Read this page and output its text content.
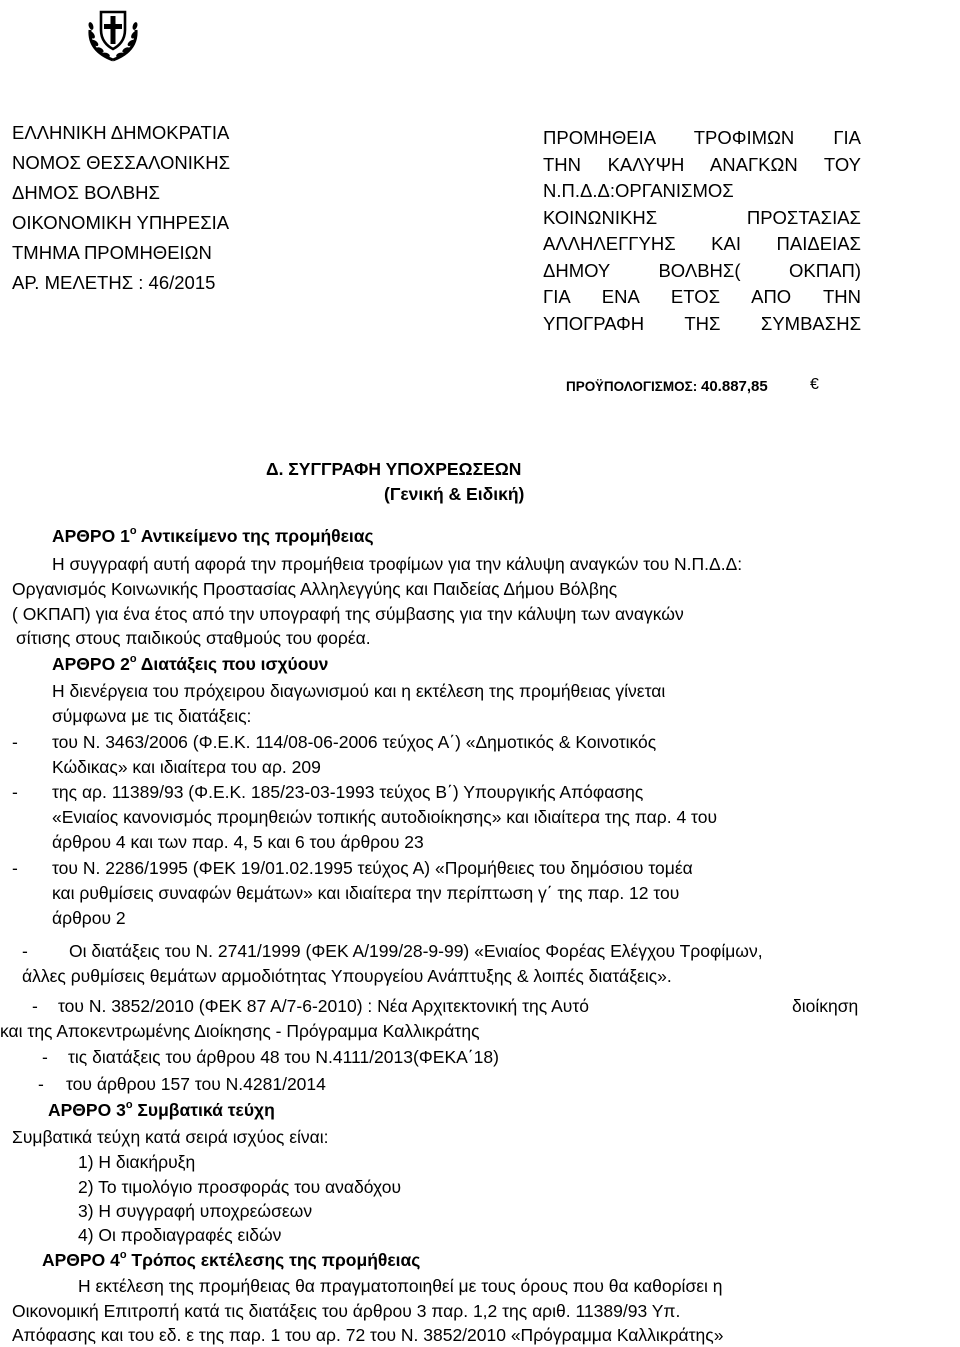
ΕΛΛΗΝΙΚΗ ΔΗΜΟΚΡΑΤΙΑ
ΝΟΜΟΣ ΘΕΣΣΑΛΟΝΙΚΗΣ
ΔΗΜΟΣ ΒΟΛΒΗΣ
ΟΙΚΟΝΟΜΙΚΗ ΥΠΗΡΕΣΙΑ
ΤΜΗΜΑ ΠΡΟΜΗΘΕΙΩΝ
ΑΡ. ΜΕΛΕΤΗΣ : 46/2015
ΠΡΟΜΗΘΕΙΑ ΤΡΟΦΙΜΩΝ ΓΙΑ
ΤΗΝ ΚΑΛΥΨΗ ΑΝΑΓΚΩΝ ΤΟΥ
Ν.Π.Δ.Δ:ΟΡΓΑΝΙΣΜΟΣ
ΚΟΙΝΩΝΙΚΗΣ ΠΡΟΣΤΑΣΙΑΣ
ΑΛΛΗΛΕΓΓΥΗΣ ΚΑΙ ΠΑΙΔΕΙΑΣ
ΔΗΜΟΥ ΒΟΛΒΗΣ( ΟΚΠΑΠ)
ΓΙΑ ΕΝΑ ΕΤΟΣ ΑΠΟ ΤΗΝ
ΥΠΟΓΡΑΦΗ ΤΗΣ ΣΥΜΒΑΣΗΣ
ΠΡΟΫΠΟΛΟΓΙΣΜΟΣ: 40.887,85	€
Δ. ΣΥΓΓΡΑΦΗ ΥΠΟΧΡΕΩΣΕΩΝ
(Γενική & Ειδική)
ΑΡΘΡΟ $1^o$ Αντικείμενο της προμήθειας
Η συγγραφή αυτή αφορά την προμήθεια τροφίμων για την κάλυψη αναγκών του Ν.Π.Δ.Δ:
Οργανισμός Κοινωνικής Προστασίας Αλληλεγγύης και Παιδείας Δήμου Βόλβης
( ΟΚΠΑΠ) για ένα έτος από την υπογραφή της σύμβασης για την κάλυψη των αναγκών
σίτισης στους παιδικούς σταθμούς του φορέα.
ΑΡΘΡΟ $2^o$ Διατάξεις που ισχύουν
Η διενέργεια του πρόχειρου διαγωνισμού και η εκτέλεση της προμήθειας γίνεται
σύμφωνα με τις διατάξεις:
- του Ν. 3463/2006 (Φ.Ε.Κ. 114/08-06-2006 τεύχος Α΄) «Δημοτικός & Κοινοτικός
Κώδικας» και ιδιαίτερα του αρ. 209
- της αρ. 11389/93 (Φ.Ε.Κ. 185/23-03-1993 τεύχος Β΄) Υπουργικής Απόφασης
«Ενιαίος κανονισμός προμηθειών τοπικής αυτοδιοίκησης» και ιδιαίτερα της παρ. 4 του
άρθρου 4 και των παρ. 4, 5 και 6 του άρθρου 23
- του Ν. 2286/1995 (ΦΕΚ 19/01.02.1995 τεύχος Α) «Προμήθειες του δημόσιου τομέα
και ρυθμίσεις συναφών θεμάτων» και ιδιαίτερα την περίπτωση γ΄ της παρ. 12 του
άρθρου 2
- Οι διατάξεις του Ν. 2741/1999 (ΦΕΚ Α/199/28-9-99) «Ενιαίος Φορέας Ελέγχου Τροφίμων,
άλλες ρυθμίσεις θεμάτων αρμοδιότητας Υπουργείου Ανάπτυξης & λοιπές διατάξεις».
- του Ν. 3852/2010 (ΦΕΚ 87 Α/7-6-2010) : Νέα Αρχιτεκτονική της Αυτό	διοίκηση
και της Αποκεντρωμένης Διοίκησης - Πρόγραμμα Καλλικράτης
- τις διατάξεις του άρθρου 48 του Ν.4111/2013(ΦΕΚΑ΄18)
- του άρθρου 157 του Ν.4281/2014
ΑΡΘΡΟ $3^o$ Συμβατικά τεύχη
Συμβατικά τεύχη κατά σειρά ισχύος είναι:
1) Η διακήρυξη
2) Το τιμολόγιο προσφοράς του αναδόχου
3) Η συγγραφή υποχρεώσεων
4) Οι προδιαγραφές ειδών
ΑΡΘΡΟ $4^o$ Τρόπος εκτέλεσης της προμήθειας
Η εκτέλεση της προμήθειας θα πραγματοποιηθεί με τους όρους που θα καθορίσει η
Οικονομική Επιτροπή κατά τις διατάξεις του άρθρου 3 παρ. 1,2 της αριθ. 11389/93 Υπ.
Απόφασης και του εδ. ε της παρ. 1 του αρ. 72 του Ν. 3852/2010 «Πρόγραμμα Καλλικράτης»
